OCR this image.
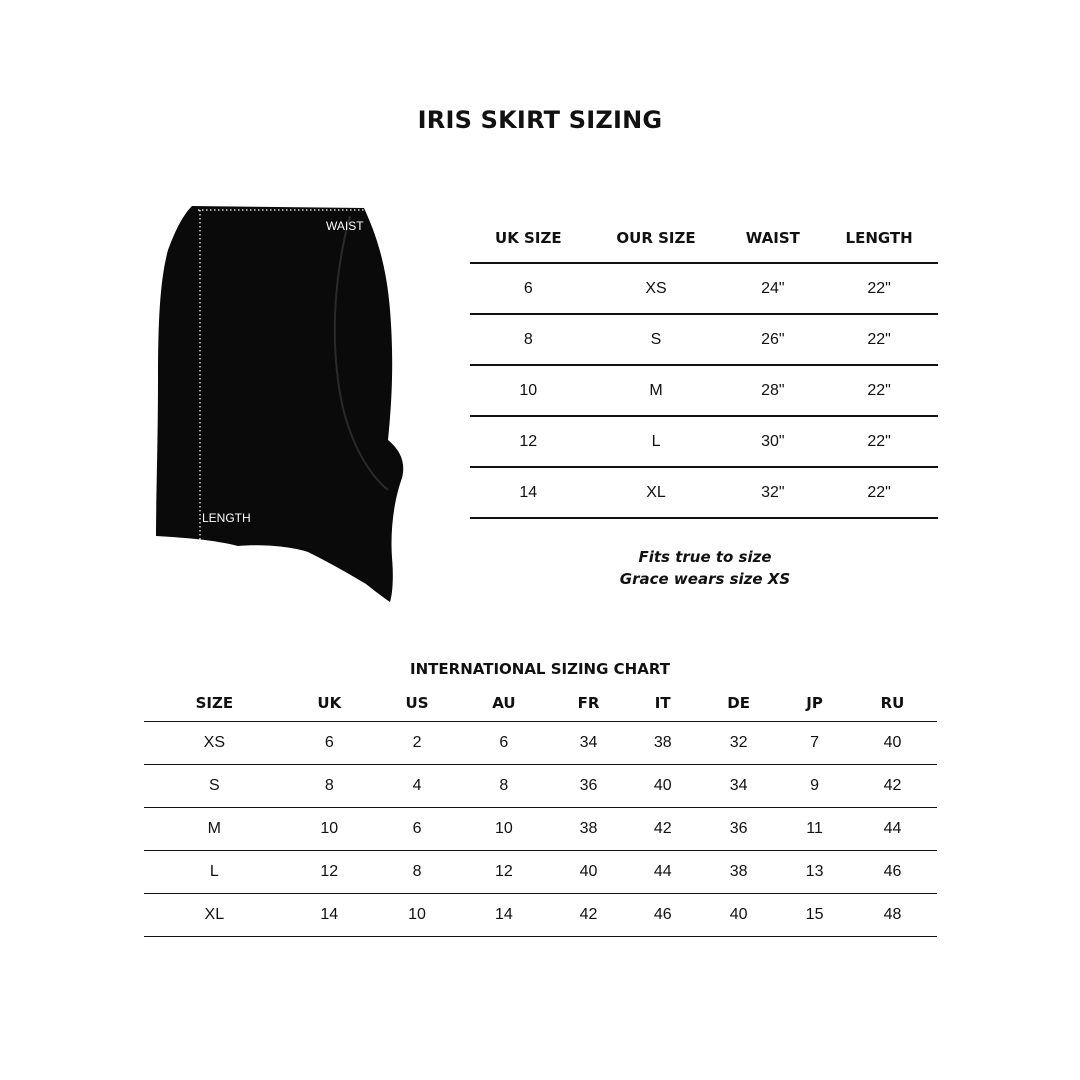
IRIS SKIRT SIZING
WAIST
LENGTH
UK SIZE	OUR SIZE	WAIST	LENGTH
6	XS	24"	22"
8	S	26"	22"
10	M	28"	22"
12	L	30"	22"
14	XL	32"	22"
Fits true to size
Grace wears size XS
INTERNATIONAL SIZING CHART
SIZE	UK	US	AU	FR	IT	DE	JP	RU
XS	6	2	6	34	38	32	7	40
S	8	4	8	36	40	34	9	42
M	10	6	10	38	42	36	11	44
L	12	8	12	40	44	38	13	46
XL	14	10	14	42	46	40	15	48
